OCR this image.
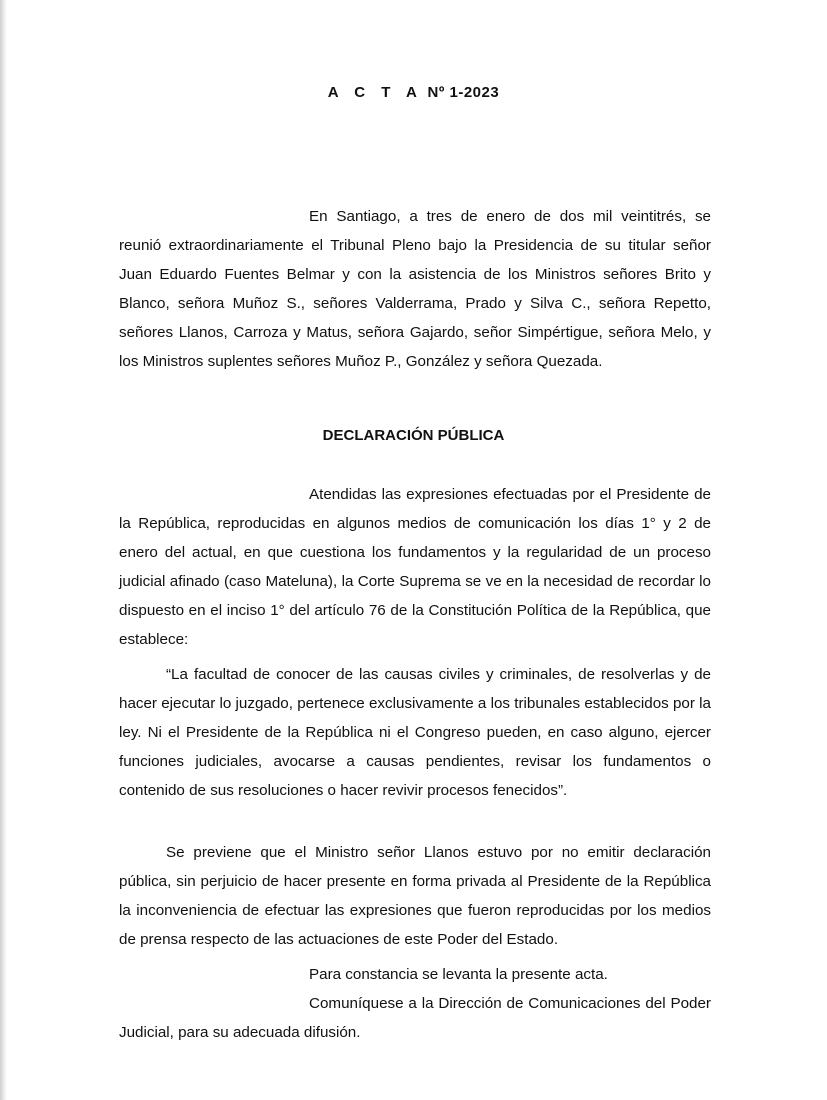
A C T A Nº 1-2023

En Santiago, a tres de enero de dos mil veintitrés, se reunió extraordinariamente el Tribunal Pleno bajo la Presidencia de su titular señor Juan Eduardo Fuentes Belmar y con la asistencia de los Ministros señores Brito y Blanco, señora Muñoz S., señores Valderrama, Prado y Silva C., señora Repetto, señores Llanos, Carroza y Matus, señora Gajardo, señor Simpértigue, señora Melo, y los Ministros suplentes señores Muñoz P., González y señora Quezada.

DECLARACIÓN PÚBLICA

Atendidas las expresiones efectuadas por el Presidente de la República, reproducidas en algunos medios de comunicación los días 1° y 2 de enero del actual, en que cuestiona los fundamentos y la regularidad de un proceso judicial afinado (caso Mateluna), la Corte Suprema se ve en la necesidad de recordar lo dispuesto en el inciso 1° del artículo 76 de la Constitución Política de la República, que establece:

“La facultad de conocer de las causas civiles y criminales, de resolverlas y de hacer ejecutar lo juzgado, pertenece exclusivamente a los tribunales establecidos por la ley. Ni el Presidente de la República ni el Congreso pueden, en caso alguno, ejercer funciones judiciales, avocarse a causas pendientes, revisar los fundamentos o contenido de sus resoluciones o hacer revivir procesos fenecidos”.

Se previene que el Ministro señor Llanos estuvo por no emitir declaración pública, sin perjuicio de hacer presente en forma privada al Presidente de la República la inconveniencia de efectuar las expresiones que fueron reproducidas por los medios de prensa respecto de las actuaciones de este Poder del Estado.

Para constancia se levanta la presente acta.

Comuníquese a la Dirección de Comunicaciones del Poder Judicial, para su adecuada difusión.
